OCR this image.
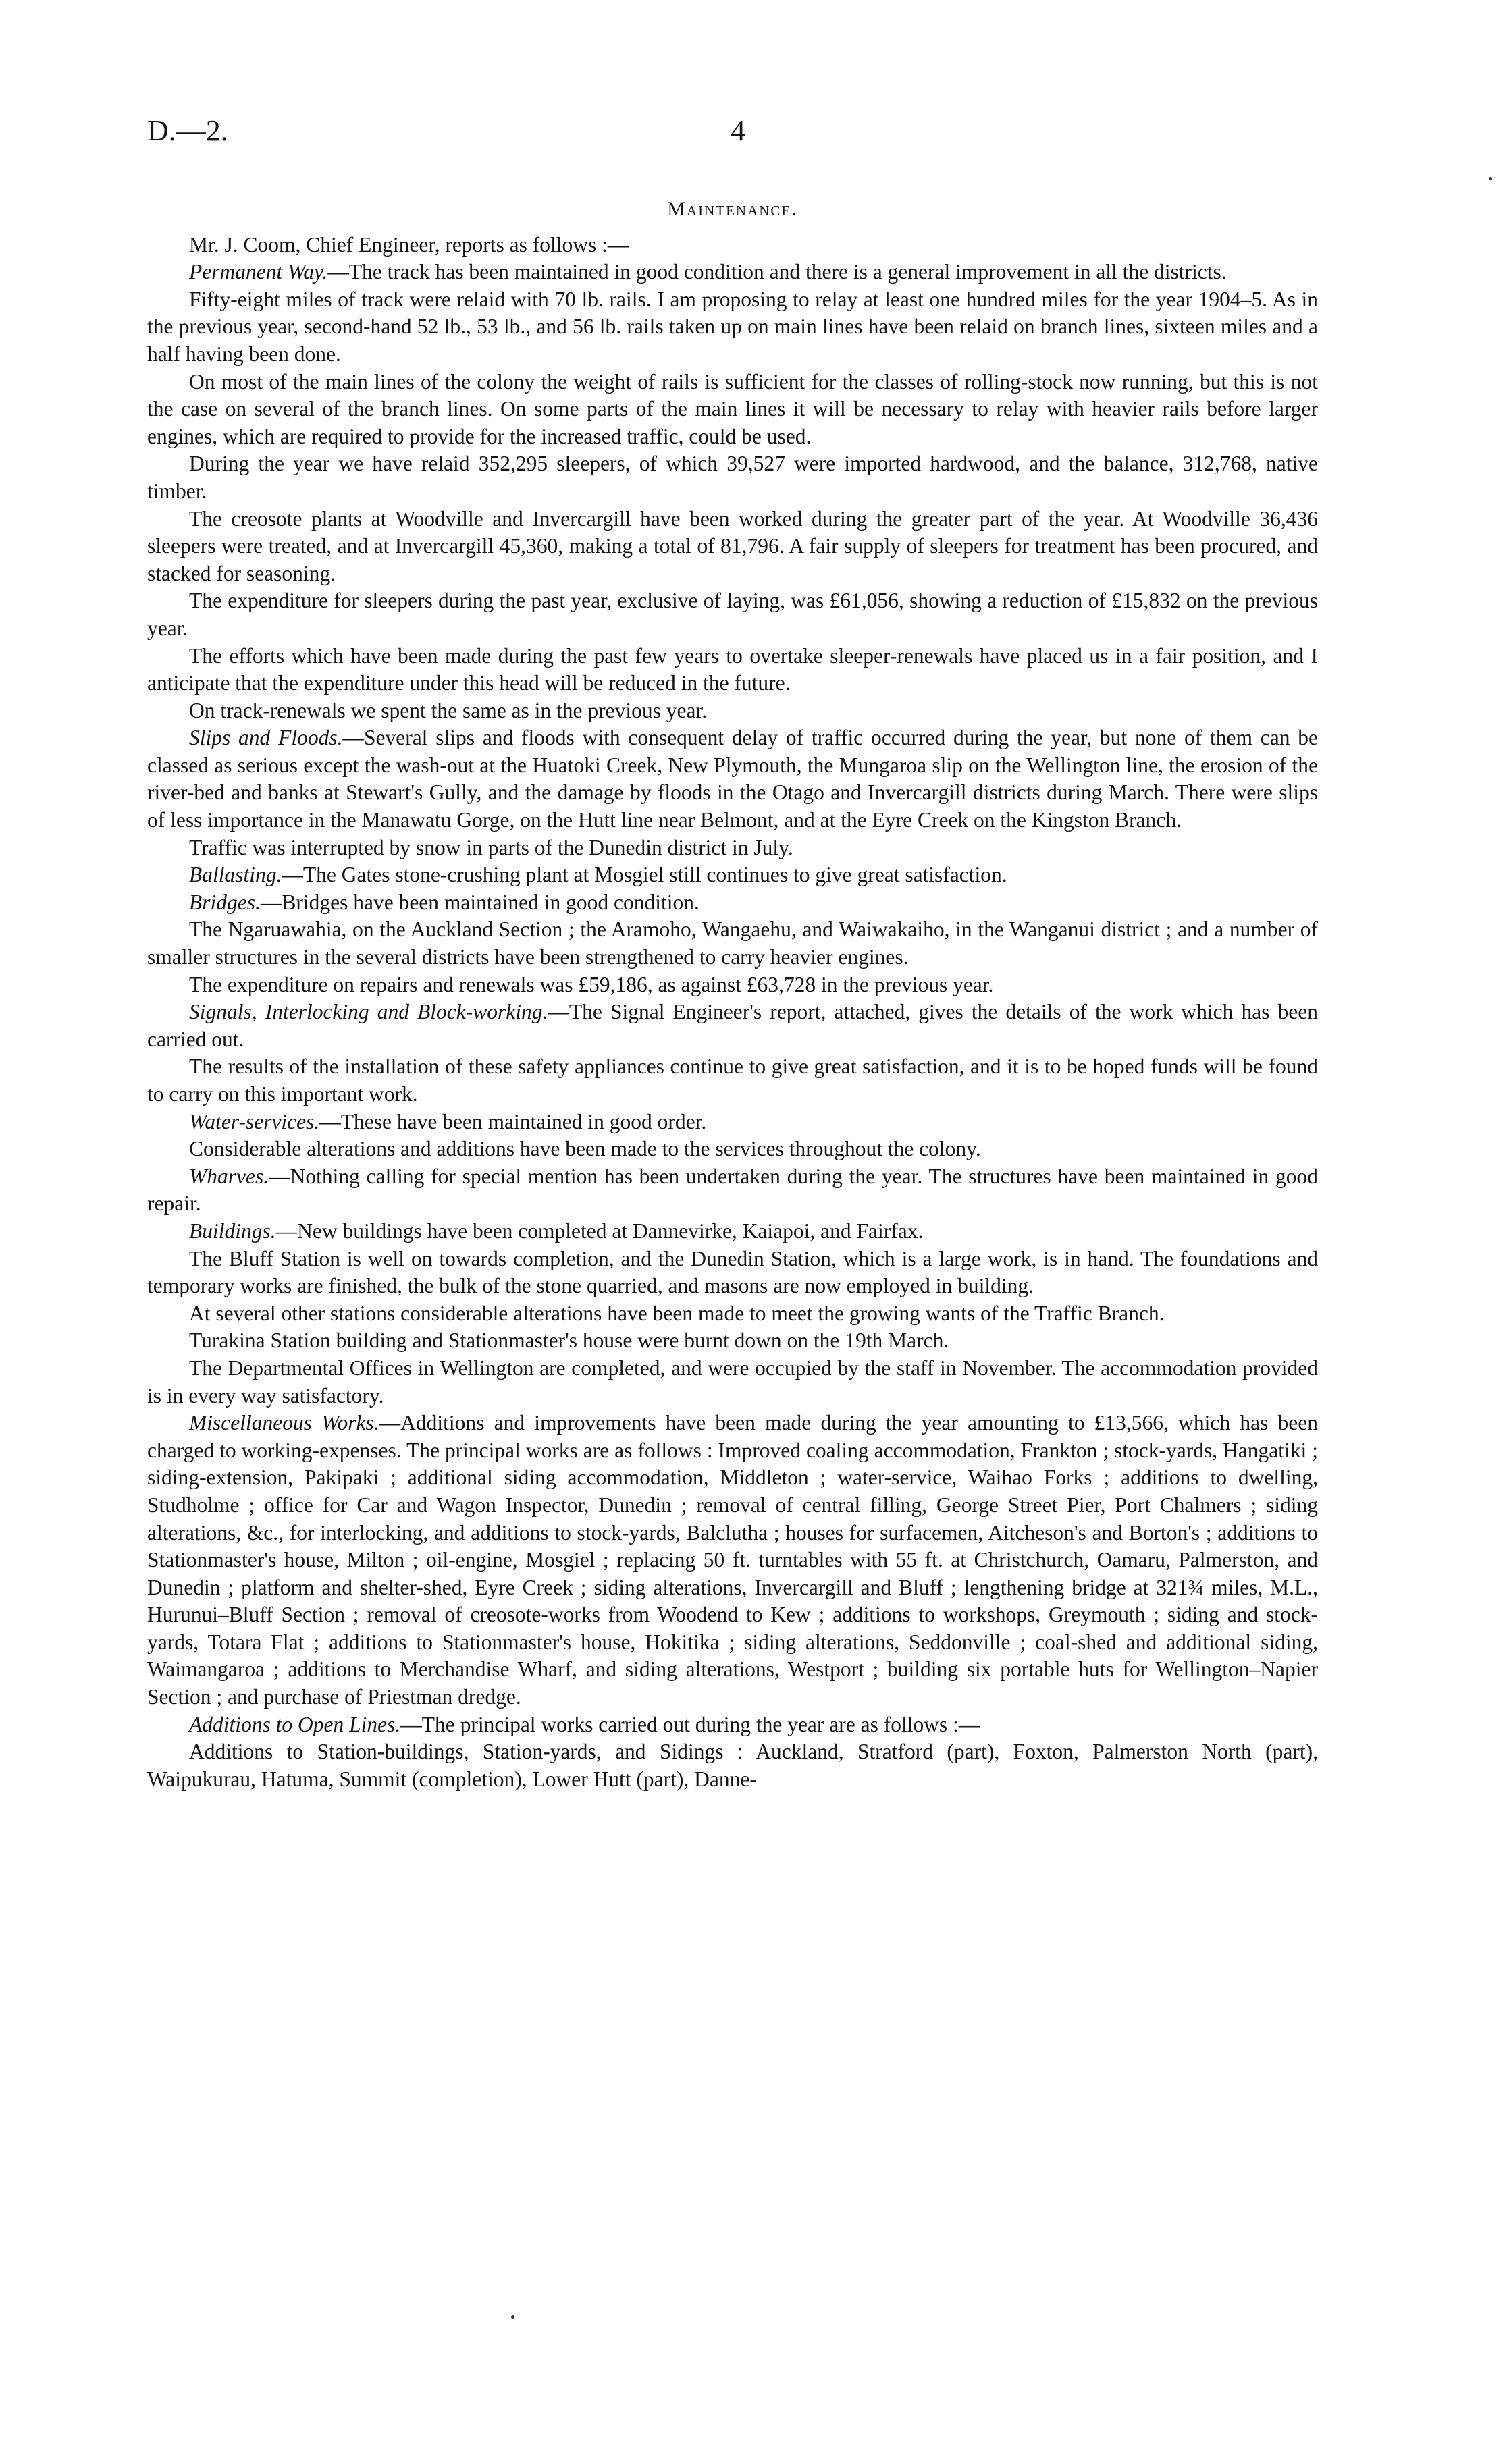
D.—2.	4
Maintenance.

Mr. J. Coom, Chief Engineer, reports as follows :—

Permanent Way.—The track has been maintained in good condition and there is a general improvement in all the districts.

Fifty-eight miles of track were relaid with 70 lb. rails. I am proposing to relay at least one hundred miles for the year 1904–5. As in the previous year, second-hand 52 lb., 53 lb., and 56 lb. rails taken up on main lines have been relaid on branch lines, sixteen miles and a half having been done.

On most of the main lines of the colony the weight of rails is sufficient for the classes of rolling-stock now running, but this is not the case on several of the branch lines. On some parts of the main lines it will be necessary to relay with heavier rails before larger engines, which are required to provide for the increased traffic, could be used.

During the year we have relaid 352,295 sleepers, of which 39,527 were imported hardwood, and the balance, 312,768, native timber.

The creosote plants at Woodville and Invercargill have been worked during the greater part of the year. At Woodville 36,436 sleepers were treated, and at Invercargill 45,360, making a total of 81,796. A fair supply of sleepers for treatment has been procured, and stacked for seasoning.

The expenditure for sleepers during the past year, exclusive of laying, was £61,056, showing a reduction of £15,832 on the previous year.

The efforts which have been made during the past few years to overtake sleeper-renewals have placed us in a fair position, and I anticipate that the expenditure under this head will be reduced in the future.

On track-renewals we spent the same as in the previous year.

Slips and Floods.—Several slips and floods with consequent delay of traffic occurred during the year, but none of them can be classed as serious except the wash-out at the Huatoki Creek, New Plymouth, the Mungaroa slip on the Wellington line, the erosion of the river-bed and banks at Stewart's Gully, and the damage by floods in the Otago and Invercargill districts during March. There were slips of less importance in the Manawatu Gorge, on the Hutt line near Belmont, and at the Eyre Creek on the Kingston Branch.

Traffic was interrupted by snow in parts of the Dunedin district in July.

Ballasting.—The Gates stone-crushing plant at Mosgiel still continues to give great satisfaction.

Bridges.—Bridges have been maintained in good condition.

The Ngaruawahia, on the Auckland Section ; the Aramoho, Wangaehu, and Waiwakaiho, in the Wanganui district ; and a number of smaller structures in the several districts have been strengthened to carry heavier engines.

The expenditure on repairs and renewals was £59,186, as against £63,728 in the previous year.

Signals, Interlocking and Block-working.—The Signal Engineer's report, attached, gives the details of the work which has been carried out.

The results of the installation of these safety appliances continue to give great satisfaction, and it is to be hoped funds will be found to carry on this important work.

Water-services.—These have been maintained in good order.

Considerable alterations and additions have been made to the services throughout the colony.

Wharves.—Nothing calling for special mention has been undertaken during the year. The structures have been maintained in good repair.

Buildings.—New buildings have been completed at Dannevirke, Kaiapoi, and Fairfax.

The Bluff Station is well on towards completion, and the Dunedin Station, which is a large work, is in hand. The foundations and temporary works are finished, the bulk of the stone quarried, and masons are now employed in building.

At several other stations considerable alterations have been made to meet the growing wants of the Traffic Branch.

Turakina Station building and Stationmaster's house were burnt down on the 19th March.

The Departmental Offices in Wellington are completed, and were occupied by the staff in November. The accommodation provided is in every way satisfactory.

Miscellaneous Works.—Additions and improvements have been made during the year amounting to £13,566, which has been charged to working-expenses. The principal works are as follows : Improved coaling accommodation, Frankton ; stock-yards, Hangatiki ; siding-extension, Pakipaki ; additional siding accommodation, Middleton ; water-service, Waihao Forks ; additions to dwelling, Studholme ; office for Car and Wagon Inspector, Dunedin ; removal of central filling, George Street Pier, Port Chalmers ; siding alterations, &c., for interlocking, and additions to stock-yards, Balclutha ; houses for surfacemen, Aitcheson's and Borton's ; additions to Stationmaster's house, Milton ; oil-engine, Mosgiel ; replacing 50 ft. turntables with 55 ft. at Christchurch, Oamaru, Palmerston, and Dunedin ; platform and shelter-shed, Eyre Creek ; siding alterations, Invercargill and Bluff ; lengthening bridge at 321¾ miles, M.L., Hurunui–Bluff Section ; removal of creosote-works from Woodend to Kew ; additions to workshops, Greymouth ; siding and stock-yards, Totara Flat ; additions to Stationmaster's house, Hokitika ; siding alterations, Seddonville ; coal-shed and additional siding, Waimangaroa ; additions to Merchandise Wharf, and siding alterations, Westport ; building six portable huts for Wellington–Napier Section ; and purchase of Priestman dredge.

Additions to Open Lines.—The principal works carried out during the year are as follows :—

Additions to Station-buildings, Station-yards, and Sidings : Auckland, Stratford (part), Foxton, Palmerston North (part), Waipukurau, Hatuma, Summit (completion), Lower Hutt (part), Danne-
